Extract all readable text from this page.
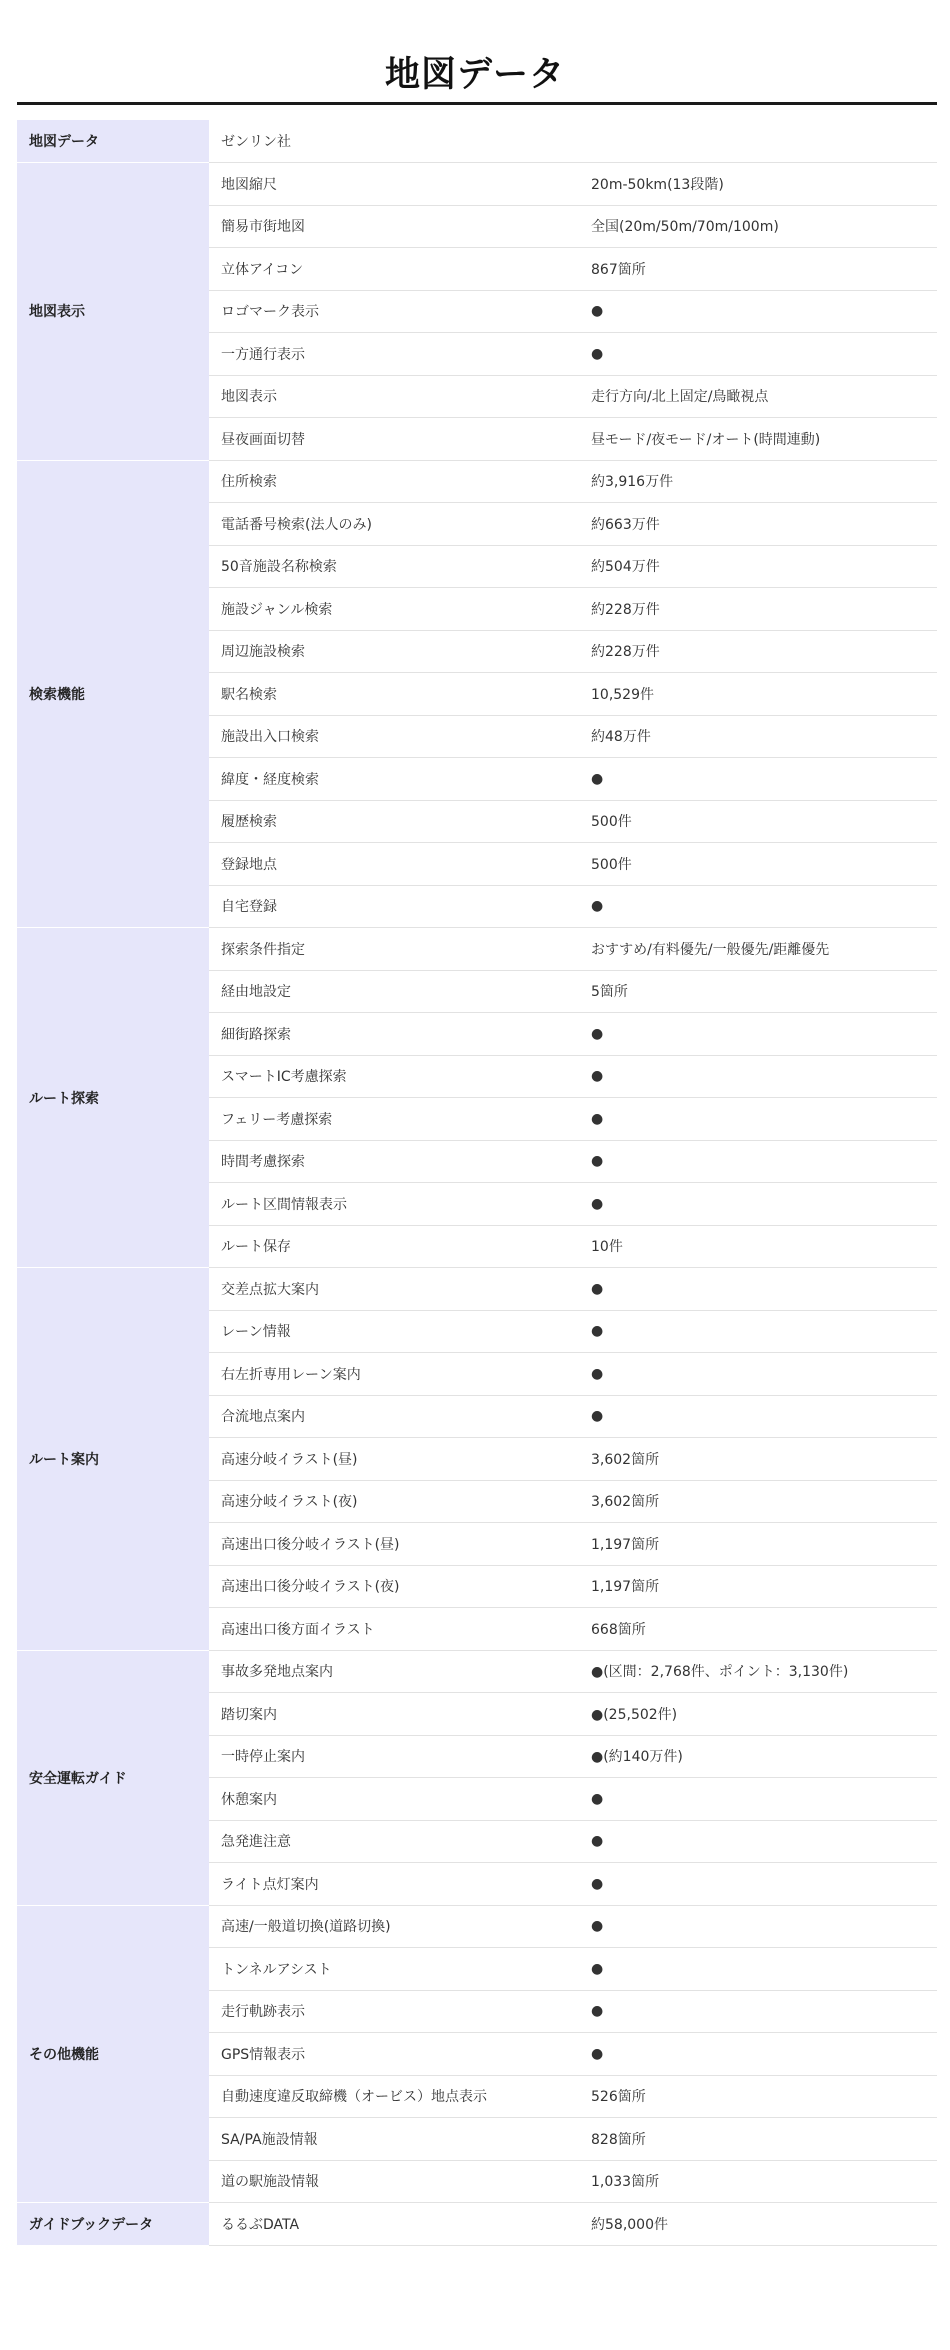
地図データ
地図データ	ゼンリン社	
地図表示	地図縮尺	20m-50km(13段階)
	簡易市街地図	全国(20m/50m/70m/100m)
	立体アイコン	867箇所
	ロゴマーク表示	●
	一方通行表示	●
	地図表示	走行方向/北上固定/鳥瞰視点
	昼夜画面切替	昼モード/夜モード/オート(時間連動)
検索機能	住所検索	約3,916万件
	電話番号検索(法人のみ)	約663万件
	50音施設名称検索	約504万件
	施設ジャンル検索	約228万件
	周辺施設検索	約228万件
	駅名検索	10,529件
	施設出入口検索	約48万件
	緯度・経度検索	●
	履歴検索	500件
	登録地点	500件
	自宅登録	●
ルート探索	探索条件指定	おすすめ/有料優先/一般優先/距離優先
	経由地設定	5箇所
	細街路探索	●
	スマートIC考慮探索	●
	フェリー考慮探索	●
	時間考慮探索	●
	ルート区間情報表示	●
	ルート保存	10件
ルート案内	交差点拡大案内	●
	レーン情報	●
	右左折専用レーン案内	●
	合流地点案内	●
	高速分岐イラスト(昼)	3,602箇所
	高速分岐イラスト(夜)	3,602箇所
	高速出口後分岐イラスト(昼)	1,197箇所
	高速出口後分岐イラスト(夜)	1,197箇所
	高速出口後方面イラスト	668箇所
安全運転ガイド	事故多発地点案内	●(区間：2,768件、ポイント：3,130件)
	踏切案内	●(25,502件)
	一時停止案内	●(約140万件)
	休憩案内	●
	急発進注意	●
	ライト点灯案内	●
その他機能	高速/一般道切換(道路切換)	●
	トンネルアシスト	●
	走行軌跡表示	●
	GPS情報表示	●
	自動速度違反取締機（オービス）地点表示	526箇所
	SA/PA施設情報	828箇所
	道の駅施設情報	1,033箇所
ガイドブックデータ	るるぶDATA	約58,000件
